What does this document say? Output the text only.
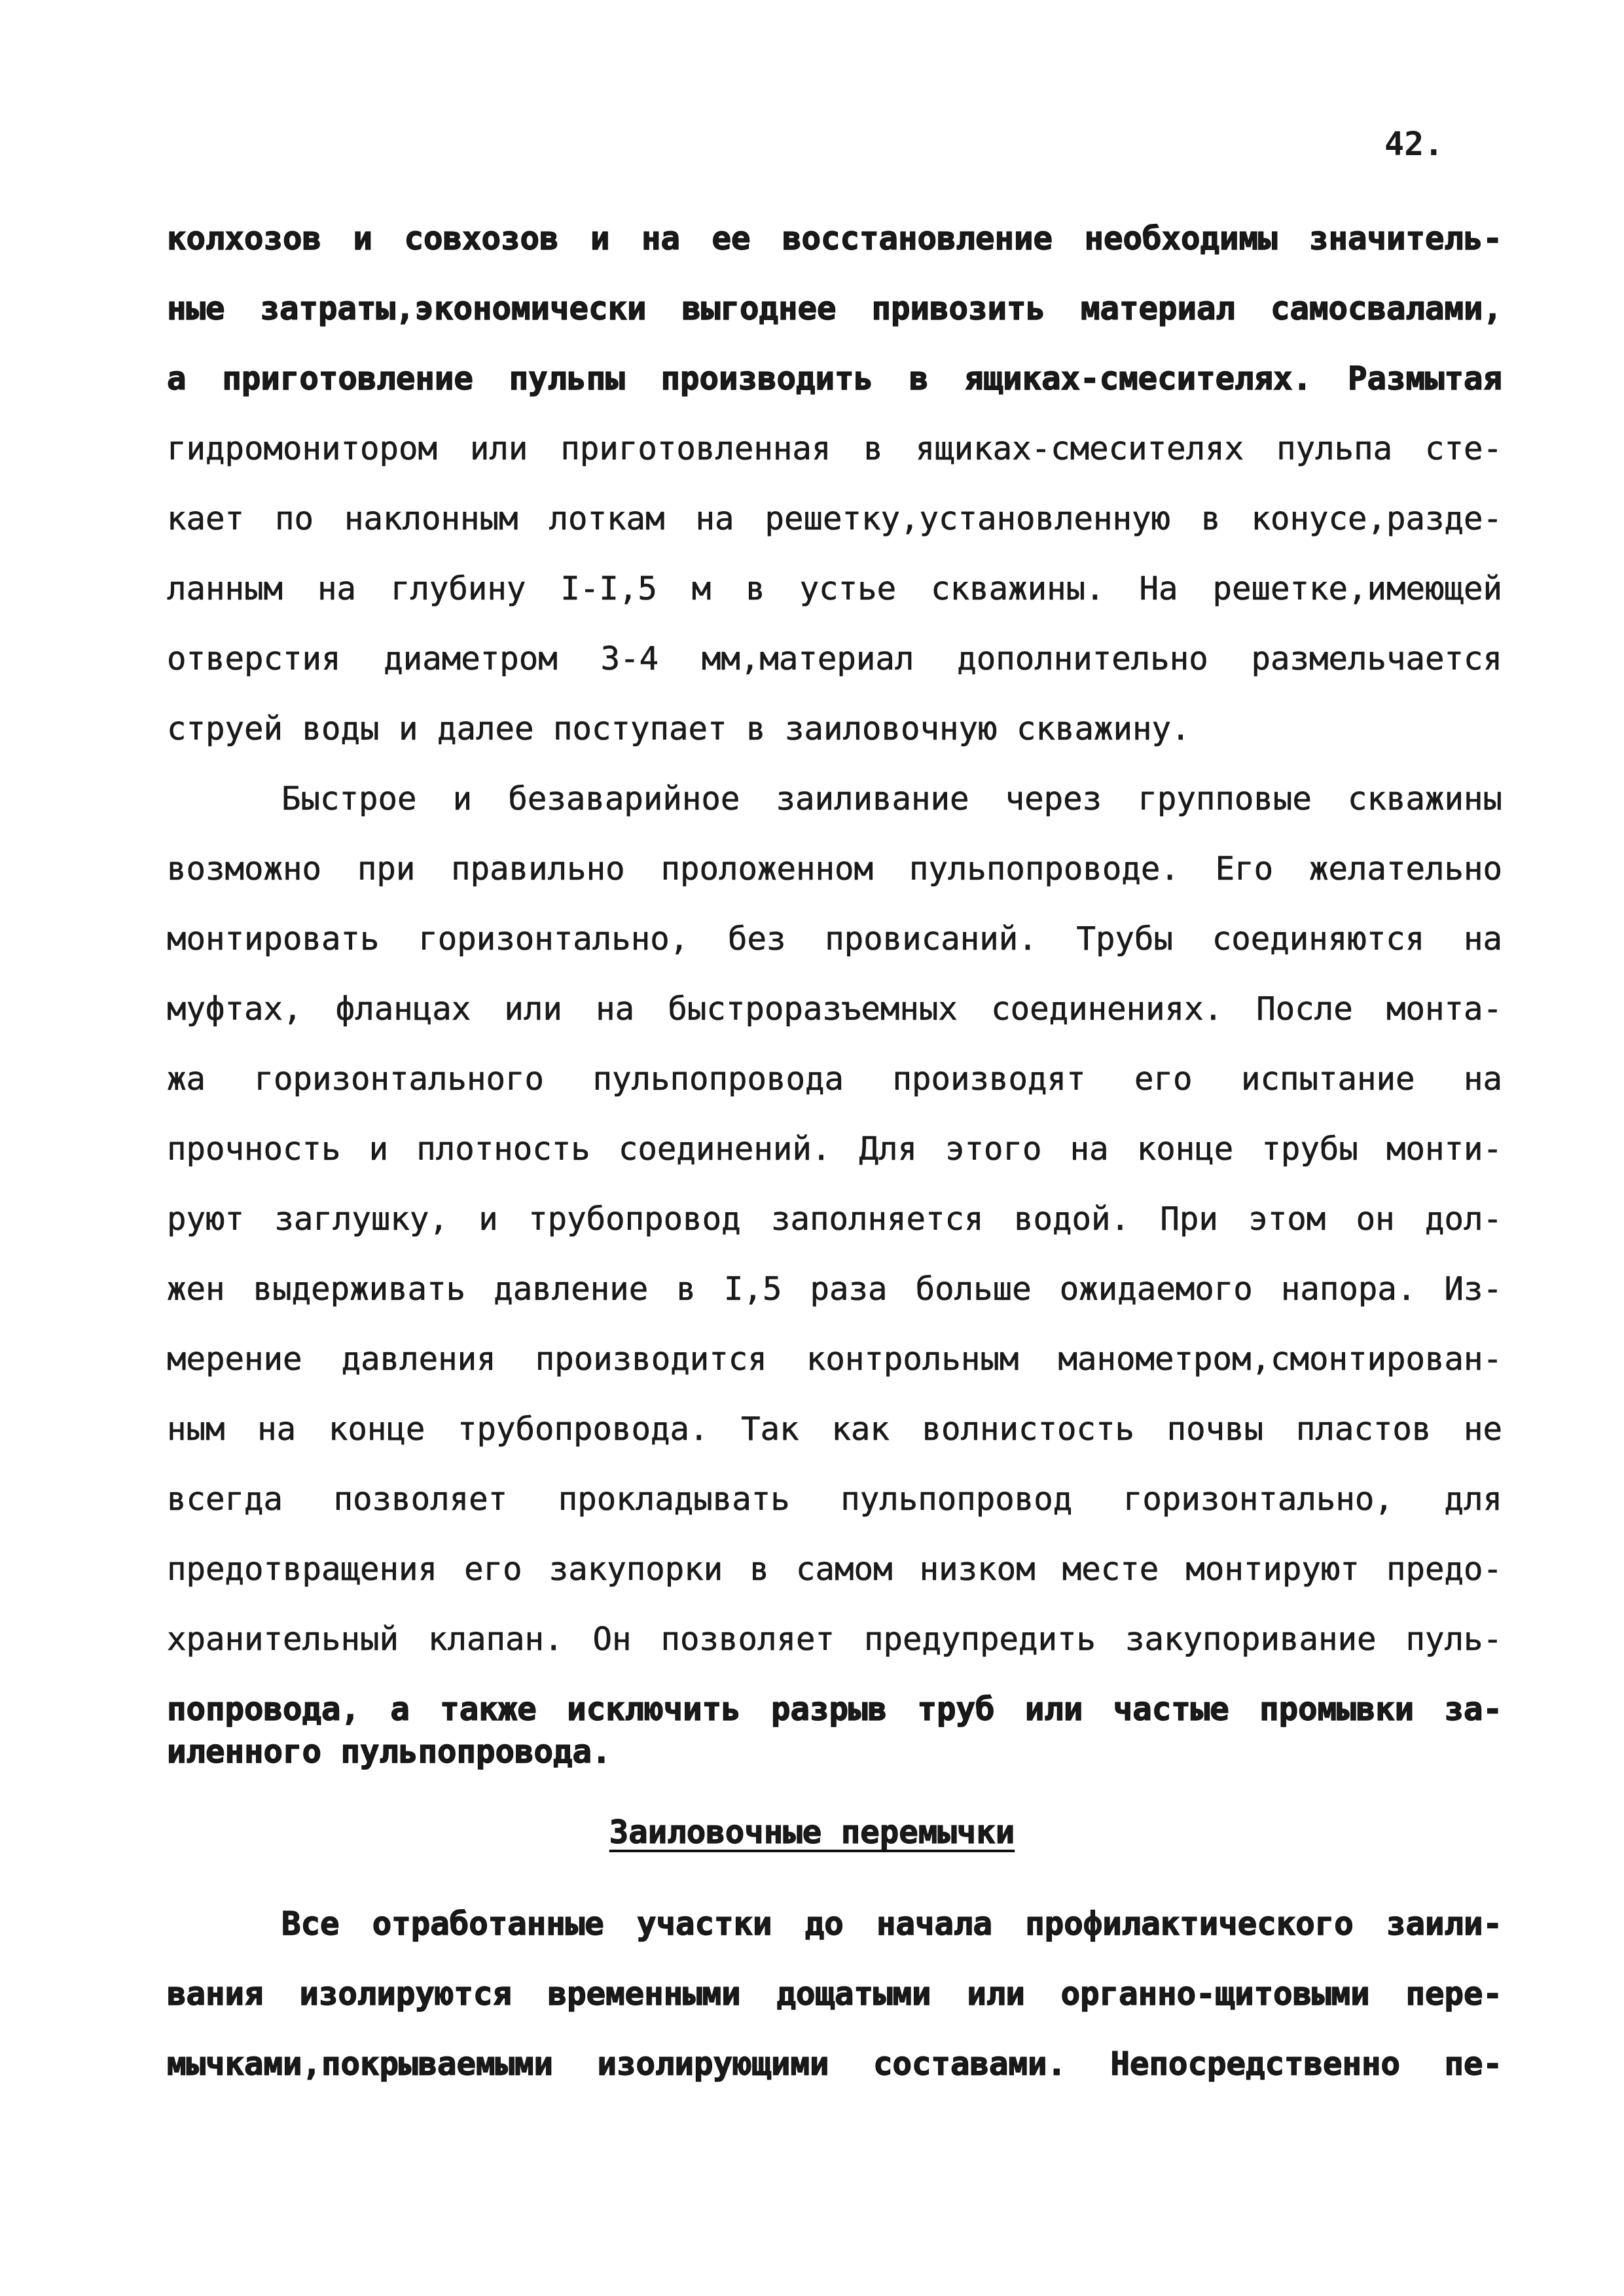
42.
колхозов и совхозов и на ее восстановление необходимы значитель-
ные затраты,экономически выгоднее привозить материал самосвалами,
а приготовление пульпы производить в ящиках-смесителях. Размытая
гидромонитором или приготовленная в ящиках-смесителях пульпа сте-
кает по наклонным лоткам на решетку,установленную в конусе,разде-
ланным на глубину I-I,5 м в устье скважины. На решетке,имеющей
отверстия диаметром 3-4 мм,материал дополнительно размельчается
струей воды и далее поступает в заиловочную скважину.
Быстрое и безаварийное заиливание через групповые скважины
возможно при правильно проложенном пульпопроводе. Его желательно
монтировать горизонтально, без провисаний. Трубы соединяются на
муфтах, фланцах или на быстроразъемных соединениях. После монта-
жа горизонтального пульпопровода производят его испытание на
прочность и плотность соединений. Для этого на конце трубы монти-
руют заглушку, и трубопровод заполняется водой. При этом он дол-
жен выдерживать давление в I,5 раза больше ожидаемого напора. Из-
мерение давления производится контрольным манометром,смонтирован-
ным на конце трубопровода. Так как волнистость почвы пластов не
всегда позволяет прокладывать пульпопровод горизонтально, для
предотвращения его закупорки в самом низком месте монтируют предо-
хранительный клапан. Он позволяет предупредить закупоривание пуль-
попровода, а также исключить разрыв труб или частые промывки за-
иленного пульпопровода.
Заиловочные перемычки
Все отработанные участки до начала профилактического заили-
вания изолируются временными дощатыми или органно-щитовыми пере-
мычками,покрываемыми изолирующими составами. Непосредственно пе-
